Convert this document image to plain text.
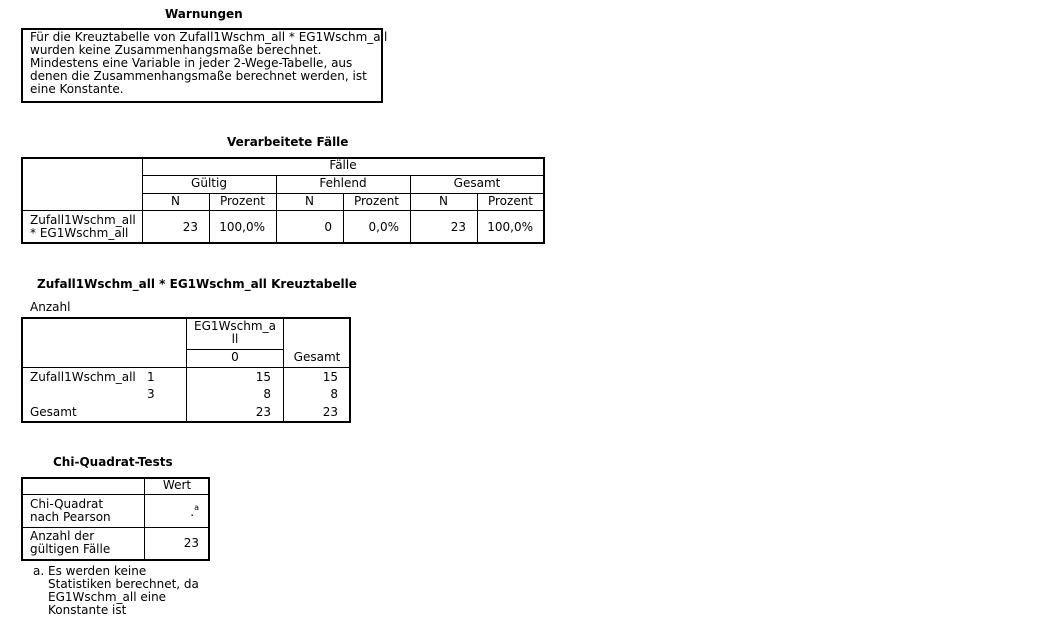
Warnungen
Für die Kreuztabelle von Zufall1Wschm_all * EG1Wschm_all
wurden keine Zusammenhangsmaße berechnet.
Mindestens eine Variable in jeder 2-Wege-Tabelle, aus
denen die Zusammenhangsmaße berechnet werden, ist
eine Konstante.
Verarbeitete Fälle
Fälle
Gültig	Fehlend	Gesamt
N	Prozent	N	Prozent	N	Prozent
Zufall1Wschm_all
* EG1Wschm_all	23	100,0%	0	0,0%	23	100,0%
Zufall1Wschm_all * EG1Wschm_all Kreuztabelle
Anzahl
EG1Wschm_a
ll
0	Gesamt
Zufall1Wschm_all 1	15	15
3	8	8
Gesamt	23	23
Chi-Quadrat-Tests
Wert
Chi-Quadrat
nach Pearson	.$^a$
Anzahl der
gültigen Fälle	23
a. Es werden keine
Statistiken berechnet, da
EG1Wschm_all eine
Konstante ist
